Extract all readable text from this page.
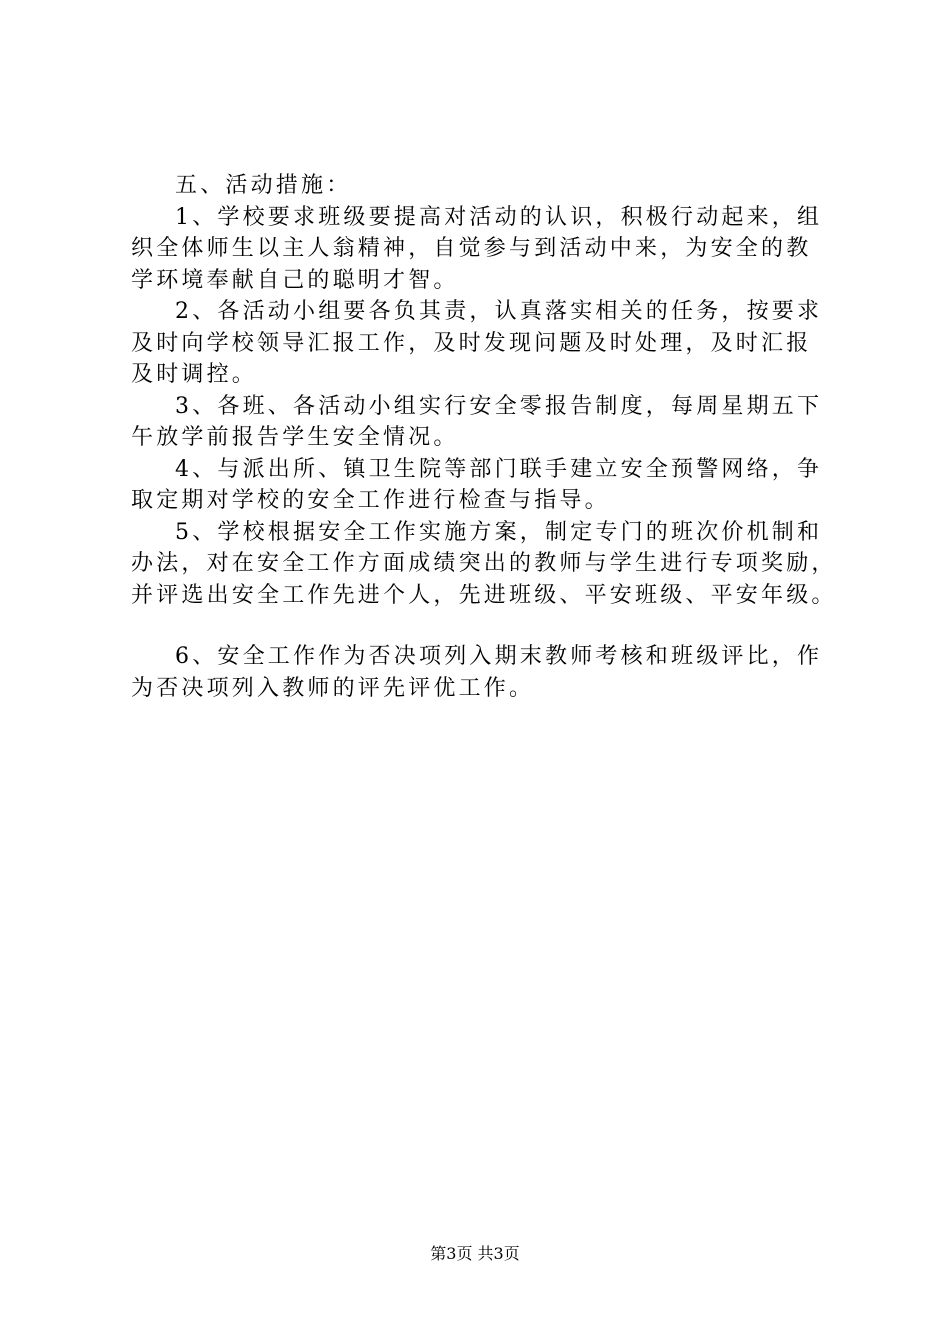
五、活动措施：
1、学校要求班级要提高对活动的认识，积极行动起来，组
织全体师生以主人翁精神，自觉参与到活动中来，为安全的教
学环境奉献自己的聪明才智。
2、各活动小组要各负其责，认真落实相关的任务，按要求
及时向学校领导汇报工作，及时发现问题及时处理，及时汇报
及时调控。
3、各班、各活动小组实行安全零报告制度，每周星期五下
午放学前报告学生安全情况。
4、与派出所、镇卫生院等部门联手建立安全预警网络，争
取定期对学校的安全工作进行检查与指导。
5、学校根据安全工作实施方案，制定专门的班次价机制和
办法，对在安全工作方面成绩突出的教师与学生进行专项奖励，
并评选出安全工作先进个人，先进班级、平安班级、平安年级。
6、安全工作作为否决项列入期末教师考核和班级评比，作
为否决项列入教师的评先评优工作。
第3页 共3页
